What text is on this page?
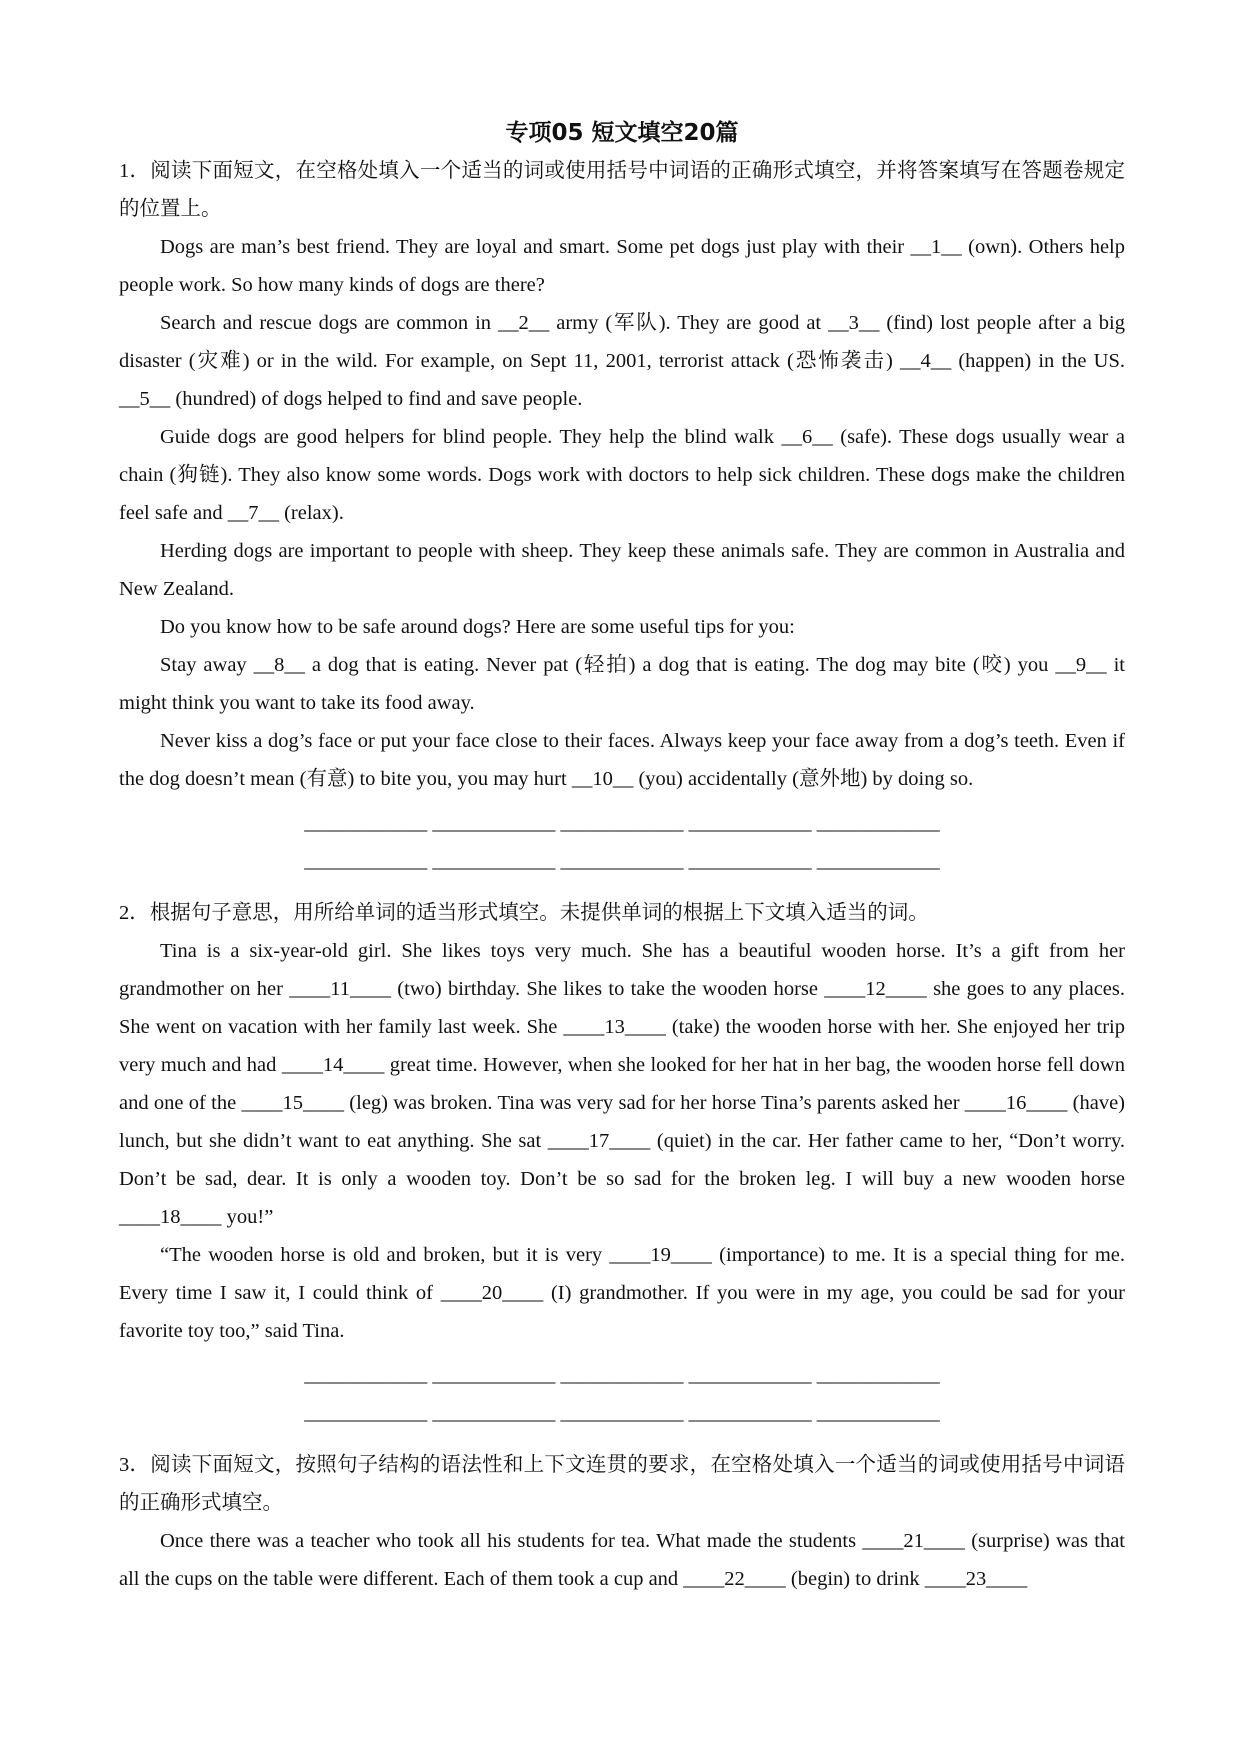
专项05 短文填空20篇

1．阅读下面短文，在空格处填入一个适当的词或使用括号中词语的正确形式填空，并将答案填写在答题卷规定的位置上。

Dogs are man’s best friend. They are loyal and smart. Some pet dogs just play with their __1__ (own). Others help people work. So how many kinds of dogs are there?

Search and rescue dogs are common in __2__ army (军队). They are good at __3__ (find) lost people after a big disaster (灾难) or in the wild. For example, on Sept 11, 2001, terrorist attack (恐怖袭击) __4__ (happen) in the US. __5__ (hundred) of dogs helped to find and save people.

Guide dogs are good helpers for blind people. They help the blind walk __6__ (safe). These dogs usually wear a chain (狗链). They also know some words. Dogs work with doctors to help sick children. These dogs make the children feel safe and __7__ (relax).

Herding dogs are important to people with sheep. They keep these animals safe. They are common in Australia and New Zealand.

Do you know how to be safe around dogs? Here are some useful tips for you:

Stay away __8__ a dog that is eating. Never pat (轻拍) a dog that is eating. The dog may bite (咬) you __9__ it might think you want to take its food away.

Never kiss a dog’s face or put your face close to their faces. Always keep your face away from a dog’s teeth. Even if the dog doesn’t mean (有意) to bite you, you may hurt __10__ (you) accidentally (意外地) by doing so.

____________ ____________ ____________ ____________ ____________
____________ ____________ ____________ ____________ ____________

2．根据句子意思，用所给单词的适当形式填空。未提供单词的根据上下文填入适当的词。

Tina is a six-year-old girl. She likes toys very much. She has a beautiful wooden horse. It’s a gift from her grandmother on her ____11____ (two) birthday. She likes to take the wooden horse ____12____ she goes to any places. She went on vacation with her family last week. She ____13____ (take) the wooden horse with her. She enjoyed her trip very much and had ____14____ great time. However, when she looked for her hat in her bag, the wooden horse fell down and one of the ____15____ (leg) was broken. Tina was very sad for her horse Tina’s parents asked her ____16____ (have) lunch, but she didn’t want to eat anything. She sat ____17____ (quiet) in the car. Her father came to her, “Don’t worry. Don’t be sad, dear. It is only a wooden toy. Don’t be so sad for the broken leg. I will buy a new wooden horse ____18____ you!”

“The wooden horse is old and broken, but it is very ____19____ (importance) to me. It is a special thing for me. Every time I saw it, I could think of ____20____ (I) grandmother. If you were in my age, you could be sad for your favorite toy too,” said Tina.

____________ ____________ ____________ ____________ ____________
____________ ____________ ____________ ____________ ____________

3．阅读下面短文，按照句子结构的语法性和上下文连贯的要求，在空格处填入一个适当的词或使用括号中词语的正确形式填空。

Once there was a teacher who took all his students for tea. What made the students ____21____ (surprise) was that all the cups on the table were different. Each of them took a cup and ____22____ (begin) to drink ____23____
